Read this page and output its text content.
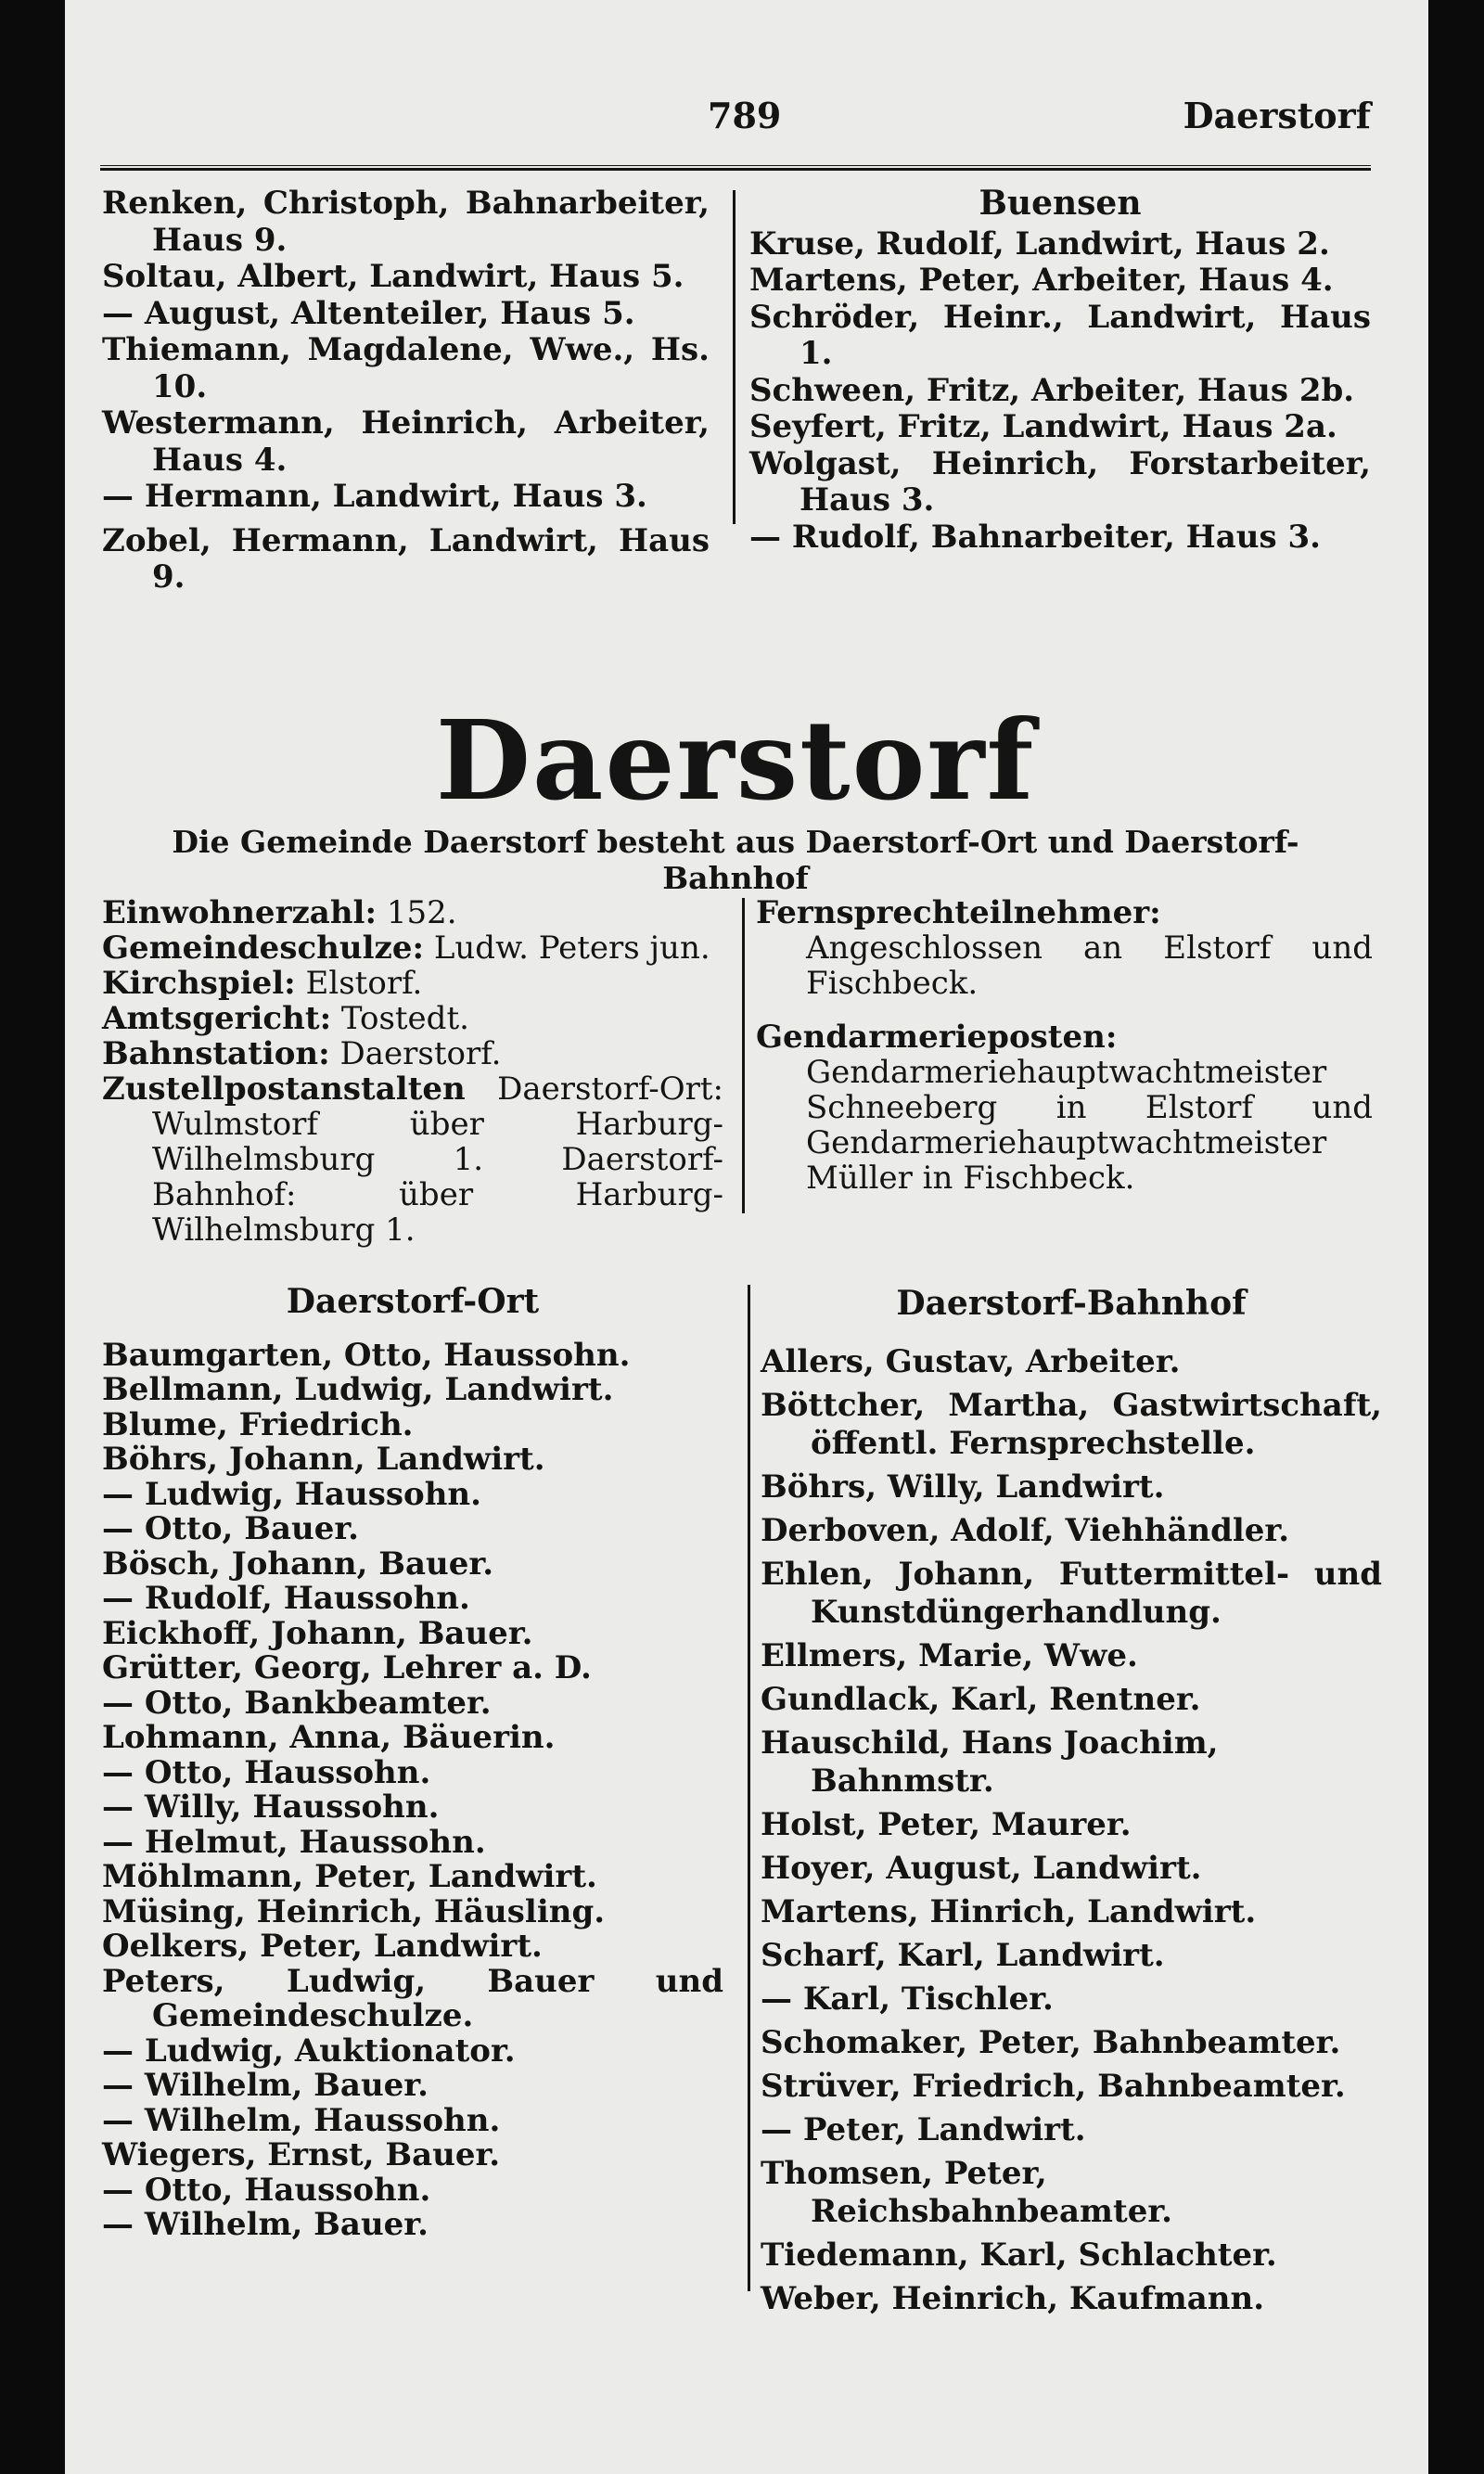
789	Daerstorf
Renken, Christoph, Bahnarbeiter, Haus 9.
Soltau, Albert, Landwirt, Haus 5.
— August, Altenteiler, Haus 5.
Thiemann, Magdalene, Wwe., Hs. 10.
Westermann, Heinrich, Arbeiter, Haus 4.
— Hermann, Landwirt, Haus 3.
Zobel, Hermann, Landwirt, Haus 9.
Buensen
Kruse, Rudolf, Landwirt, Haus 2.
Martens, Peter, Arbeiter, Haus 4.
Schröder, Heinr., Landwirt, Haus 1.
Schween, Fritz, Arbeiter, Haus 2b.
Seyfert, Fritz, Landwirt, Haus 2a.
Wolgast, Heinrich, Forstarbeiter, Haus 3.
— Rudolf, Bahnarbeiter, Haus 3.
Daerstorf
Die Gemeinde Daerstorf besteht aus Daerstorf-Ort und Daerstorf-Bahnhof

Einwohnerzahl: 152.

Gemeindeschulze: Ludw. Peters jun.

Kirchspiel: Elstorf.

Amtsgericht: Tostedt.

Bahnstation: Daerstorf.

Zustellpostanstalten Daerstorf-Ort: Wulmstorf über Harburg-Wilhelmsburg 1. Daerstorf-Bahnhof: über Harburg-Wilhelmsburg 1.

Fernsprechteilnehmer: Angeschlossen an Elstorf und Fischbeck.

Gendarmerieposten: Gendarmeriehauptwachtmeister Schneeberg in Elstorf und Gendarmeriehauptwachtmeister Müller in Fischbeck.

Daerstorf-Ort
Baumgarten, Otto, Haussohn.
Bellmann, Ludwig, Landwirt.
Blume, Friedrich.
Böhrs, Johann, Landwirt.
— Ludwig, Haussohn.
— Otto, Bauer.
Bösch, Johann, Bauer.
— Rudolf, Haussohn.
Eickhoff, Johann, Bauer.
Grütter, Georg, Lehrer a. D.
— Otto, Bankbeamter.
Lohmann, Anna, Bäuerin.
— Otto, Haussohn.
— Willy, Haussohn.
— Helmut, Haussohn.
Möhlmann, Peter, Landwirt.
Müsing, Heinrich, Häusling.
Oelkers, Peter, Landwirt.
Peters, Ludwig, Bauer und Gemeindeschulze.
— Ludwig, Auktionator.
— Wilhelm, Bauer.
— Wilhelm, Haussohn.
Wiegers, Ernst, Bauer.
— Otto, Haussohn.
— Wilhelm, Bauer.
Daerstorf-Bahnhof
Allers, Gustav, Arbeiter.
Böttcher, Martha, Gastwirtschaft, öffentl. Fernsprechstelle.
Böhrs, Willy, Landwirt.
Derboven, Adolf, Viehhändler.
Ehlen, Johann, Futtermittel- und Kunstdüngerhandlung.
Ellmers, Marie, Wwe.
Gundlack, Karl, Rentner.
Hauschild, Hans Joachim, Bahnmstr.
Holst, Peter, Maurer.
Hoyer, August, Landwirt.
Martens, Hinrich, Landwirt.
Scharf, Karl, Landwirt.
— Karl, Tischler.
Schomaker, Peter, Bahnbeamter.
Strüver, Friedrich, Bahnbeamter.
— Peter, Landwirt.
Thomsen, Peter, Reichsbahnbeamter.
Tiedemann, Karl, Schlachter.
Weber, Heinrich, Kaufmann.
